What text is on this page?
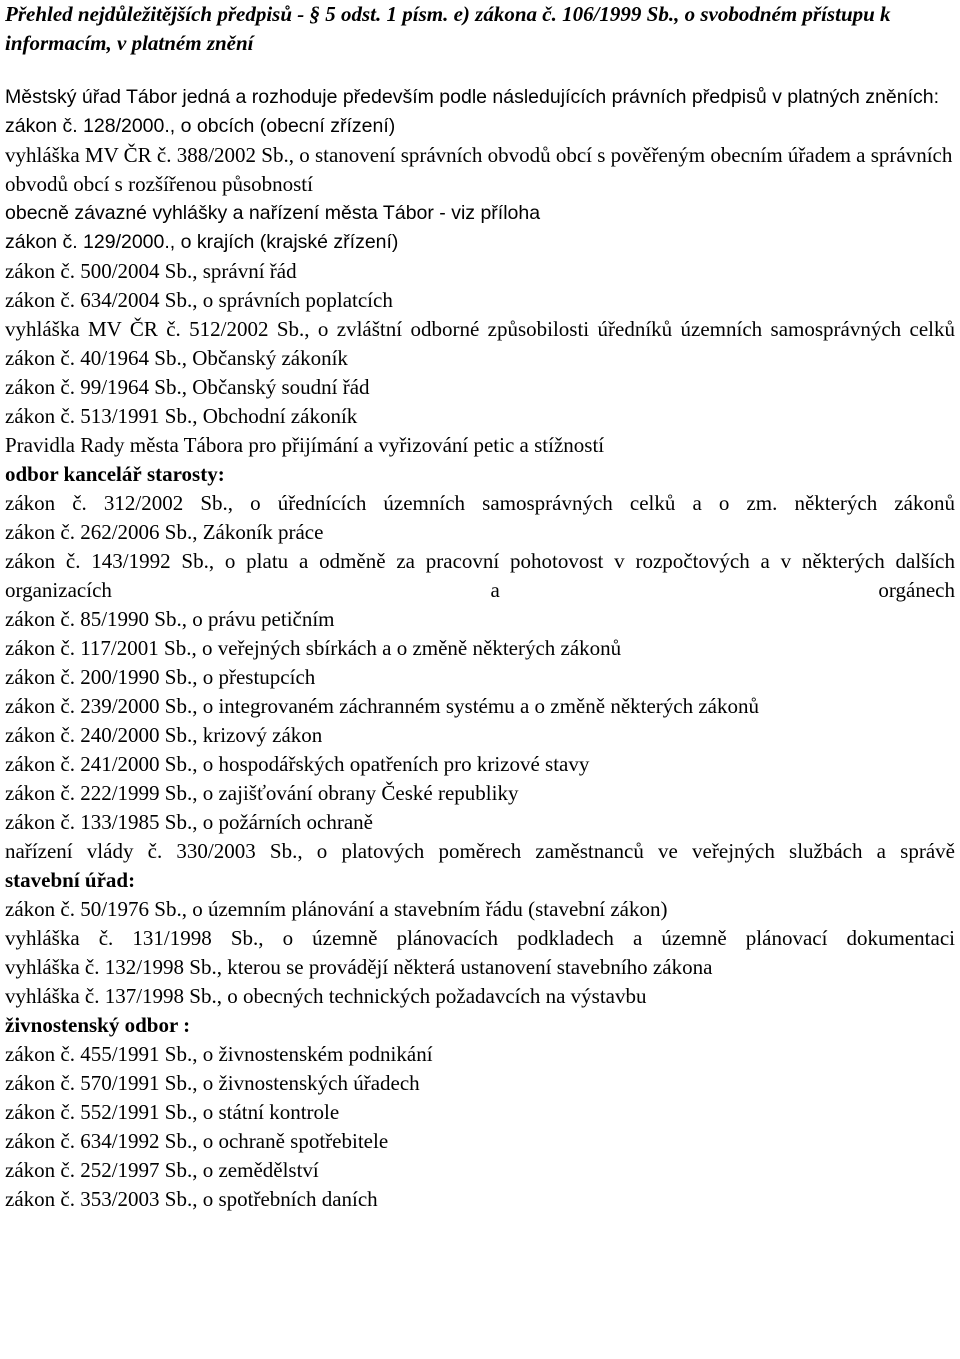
Přehled nejdůležitějších předpisů - § 5 odst. 1 písm. e) zákona č. 106/1999 Sb., o svobodném přístupu k informacím, v platném znění

Městský úřad Tábor jedná a rozhoduje především podle následujících právních předpisů v platných zněních:

zákon č. 128/2000., o obcích (obecní zřízení)

vyhláška MV ČR č. 388/2002 Sb., o stanovení správních obvodů obcí s pověřeným obecním úřadem a správních obvodů obcí s rozšířenou působností

obecně závazné vyhlášky a nařízení města Tábor - viz příloha

zákon č. 129/2000., o krajích (krajské zřízení)

zákon č. 500/2004 Sb., správní řád

zákon č. 634/2004 Sb., o správních poplatcích

vyhláška MV ČR č. 512/2002 Sb., o zvláštní odborné způsobilosti úředníků územních samosprávných celků

zákon č. 40/1964 Sb., Občanský zákoník

zákon č. 99/1964 Sb., Občanský soudní řád

zákon č. 513/1991 Sb., Obchodní zákoník

Pravidla Rady města Tábora pro přijímání a vyřizování petic a stížností

odbor kancelář starosty:

zákon č. 312/2002 Sb., o úřednících územních samosprávných celků a o zm. některých zákonů

zákon č. 262/2006 Sb., Zákoník práce

zákon č. 143/1992 Sb., o platu a odměně za pracovní pohotovost v rozpočtových a v některých dalších organizacích a orgánech

zákon č. 85/1990 Sb., o právu petičním

zákon č. 117/2001 Sb., o veřejných sbírkách a o změně některých zákonů

zákon č. 200/1990 Sb., o přestupcích

zákon č. 239/2000 Sb., o integrovaném záchranném systému a o změně některých zákonů

zákon č. 240/2000 Sb., krizový zákon

zákon č. 241/2000 Sb., o hospodářských opatřeních pro krizové stavy

zákon č. 222/1999 Sb., o zajišťování obrany České republiky

zákon č. 133/1985 Sb., o požárních ochraně

nařízení vlády č. 330/2003 Sb., o platových poměrech zaměstnanců ve veřejných službách a správě

stavební úřad:

zákon č. 50/1976 Sb., o územním plánování a stavebním řádu (stavební zákon)

vyhláška č. 131/1998 Sb., o územně plánovacích podkladech a územně plánovací dokumentaci

vyhláška č. 132/1998 Sb., kterou se provádějí některá ustanovení stavebního zákona

vyhláška č. 137/1998 Sb., o obecných technických požadavcích na výstavbu

živnostenský odbor :

zákon č. 455/1991 Sb., o živnostenském podnikání

zákon č. 570/1991 Sb., o živnostenských úřadech

zákon č. 552/1991 Sb., o státní kontrole

zákon č. 634/1992 Sb., o ochraně spotřebitele

zákon č. 252/1997 Sb., o zemědělství

zákon č. 353/2003 Sb., o spotřebních daních
